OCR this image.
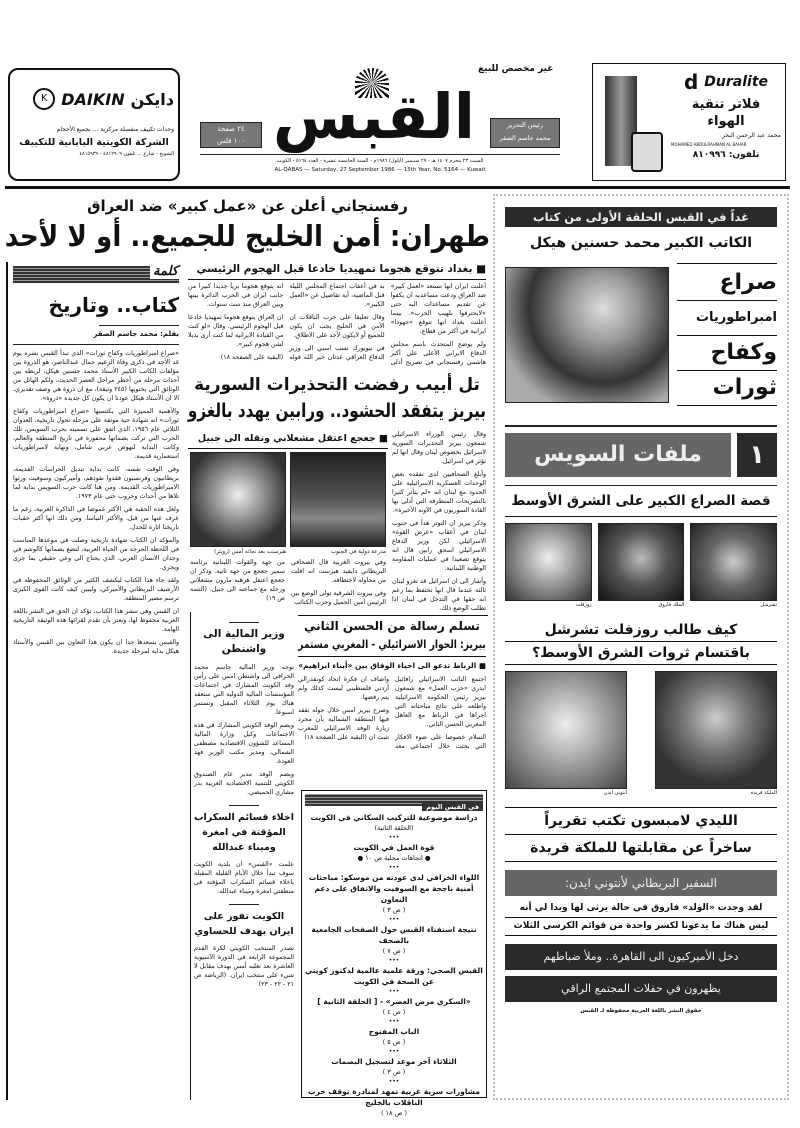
دايكن
DAIKIN
K
وحدات تكييف منفصلة مركزية ... بجميع الأحجام
الشركة الكويتية اليابانية للتكييف
الشويخ - شارع ... تلفون ٤٨١٢٩٠٩ - ٤٨١٥٩٣٩
٢٤ صفحة
١٠٠ فلس القبس
غير مخصص للبيع
رئيس التحرير
محمد جاسم الصقر
السبت ٢٣ محرم ١٤٠٧ هـ - ٢٧ سبتمبر (أيلول) ١٩٨٦م - السنة الخامسة عشرة - العدد ٥١٦٤ - الكويت
AL-QABAS — Saturday, 27 September 1986 — 15th Year, No. 5164 — Kuwait
d Duralite
فلاتر تنقية الهواء
محمد عبد الرحمن البحر
MOHAMED ABDULRAHMAN AL BAHAR
تلفون: ٨١٠٩٩٦
رفسنجاني أعلن عن «عمل كبير» ضد العراق
طهران: أمن الخليج للجميع.. أو لا لأحد
كلمة
كتاب.. وتاريخ
بقلم: محمد جاسم الصقر

«صراع امبراطوريات وكفاح ثورات» الذي تبدأ القبس نشره يوم غد الأحد في ذكرى وفاة الزعيم جمال عبدالناصر، هو الذروة بين مؤلفات الكاتب الكبير الأستاذ محمد حسنين هيكل، لربطه بين أحداث مرحلة من أخطر مراحل العصر الحديث، ولكم الهائل من الوثائق التي يحتويها (٢٤٥ وثيقة)، مع ان ذروة هي وصف تقديري، الا ان الأستاذ هيكل عودنا ان يكون كل جديده «ذروة».

والأهمية المميزة التي يكتسبها «صراع امبراطوريات وكفاح ثورات» انه شهادة حية موثقة على مرحلة تحول تاريخية، العدوان الثلاثي عام ١٩٥٦، الذي اتفق على تسميته بحرب السويس، تلك الحرب التي تركت بصماتها محفورة في تاريخ المنطقة والعالم، وكانت البداية لنهوض عربي شامل، ونهاية لامبراطوريات استعمارية قديمة.

وفي الوقت نفسه، كانت بداية تبديل الحراسات القديمة، بريطانيون وفرنسيون فقدوا نفوذهم، وأميركيون وسوفيت ورثوا الامبراطوريات القديمة. ومن هنا كانت حرب السويس بداية لما تلاها من أحداث وحروب حتى عام ١٩٧٣.

ولعل هذه الحقبة هي الأكثر غموضا في الذاكرة العربية، رغم ما عرف عنها من قبل، والأكثر التباسا. ومن ذلك انها أكثر حقبات تاريخنا اثارة للجدل.

والمؤكد ان الكتاب شهادة تاريخية وصلت في موعدها المناسب في اللحظة الحرجة من الحياة العربية، لتضع بصماتها كالوشم في وجدان الانسان العربي، الذي يحتاج الى وعي حقيقي بما جرى ويجري.

ولقد جاء هذا الكتاب ليكشف الكثير من الوثائق المحفوظة في الأرشيف البريطاني والأميركي، وليبين كيف كانت القوى الكبرى ترسم مصير المنطقة.

ان القبس وهي تنشر هذا الكتاب، تؤكد ان الحق في النشر باللغة العربية محفوظ لها، وتعتز بأن تقدم لقرائها هذه الوثيقة التاريخية الهامة.

والقبس يسعدها جدا ان يكون هذا التعاون بين القبس والأستاذ هيكل بداية لمرحلة جديدة.

■ بغداد تتوقع هجوما تمهيديا خادعا قبل الهجوم الرئيسي

أعلنت ايران انها تستعد «لعمل كبير» ضد العراق ودعت مساعديه ان يكفوا عن تقديم مساعدات اليه حتى «لايحترقوا بلهيب الحرب». بينما أعلنت بغداد انها تتوقع «جهودا» ايرانية في أكثر من قطاع.

ولم يوضح المتحدث باسم مجلس الدفاع الايراني الأعلى علي أكبر هاشمي رفسنجاني في تصريح أدلى به في أعقاب اجتماع المجلس الليلة قبل الماضية، أية تفاصيل عن «العمل الكبير».

وقال تعليقا على حرب الناقلات ان الأمن في الخليج يجب ان يكون للجميع أو لايكون لأحد على الاطلاق.

في نيويورك نسب اسبي الى وزير الدفاع العراقي عدنان خير الله قوله انه يتوقع هجوما برياً جديدا كبيرا من جانب ايران في الحرب الدائرة بينها وبين العراق منذ ست سنوات.

ان العراق يتوقع هجوما تمهيديا خادعا قبل الهجوم الرئيسي. وقال «لو كنت من القيادة الايرانية لما كنت أرى بديلا لشن هجوم كبير».

(البقية على الصفحة ١٨)

تل أبيب رفضت التحذيرات السورية
بيريز يتفقد الحشود.. ورابين يهدد بالغزو

وقال رئيس الوزراء الاسرائيلي شمعون بيريز التحذيرات السورية لاسرائيل بخصوص لبنان وقال انها لم تؤثر في اسرائيل.

وأبلغ الصحافيين لدى تفقده بعض الوحدات العسكرية الاسرائيلية على الحدود مع لبنان انه «لم يتأثر كثيرا بالتصريحات المتطرفة التي أدلى بها القادة السوريون في الآونة الأخيرة».

وذكر بيريز ان التوتر هدأ في جنوب لبنان في أعقاب «عرض القوة» الاسرائيلي لكن وزير الدفاع الاسرائيلي اسحق رابين قال انه يتوقع تصعيدا في عمليات المقاومة الوطنية اللبنانية.

وأشار الى ان اسرائيل قد تغزو لبنان ثالثة عندما قال انها تحتفظ بما زعم انه حقها في التدخل في لبنان اذا تطلب الوضع ذلك.

■ جعجع اعتقل مشعلاني ونقله الى جبيل
مدرعة دولية في الجنوب
هبرسنت بعد نجاته أمس (رويتر)

وفي بيروت الغربية قال الصحافي البريطاني دايفيد هيرست انه افلت من محاولة لاختطافه.

وفي بيروت الشرقية تولى الوضع بين الرئيس أمين الجميل وحزب الكتائب

من جهة والقوات اللبنانية برئاسة سمير جعجع من جهة ثانية. وذكر ان جعجع اعتقل هرهبه مارون مشعلاني ورحله مع جماعته الى جبيل. (التتمة ص ١٩)

تسلم رسالة من الحسن الثاني
بيريز: الحوار الاسرائيلي - المغربي مستمر
■ الرباط تدعو الى احياء الوفاق بين «أبناء ابراهيم»

اجتمع النائب الاسرائيلي رافائيل ايدري «حزب العمل» مع شمعون بيريز رئيس الحكومة الاسرائيلية واطلعه على نتائج مباحثاته التي اجراها في الرباط مع العاهل المغربي الحسن الثاني.

السلام خصوصا على ضوء الافكار التي بحثت خلال اجتماعي معه واضاف ان فكرة اتحاد كونفدرالي أردني فلسطيني ليست كذلك ولم يتم رفضها.

وصرح بيريز امس خلال جولة تفقد فيها المنطقة الشمالية بأن مجرد زيارة الوفد الاسرائيلي للمغرب تثبت ان (البقية على الصفحة ١٨)

وزير المالية الى واشنطن

توجه وزير المالية جاسم محمد الخرافي الى واشنطن امس على رأس وفد الكويت المشارك في اجتماعات المؤسسات المالية الدولية التي ستعقد هناك يوم الثلاثاء المقبل وتستمر اسبوعا.

ويضم الوفد الكويتي المشارك في هذه الاجتماعات وكيل وزارة المالية المساعد للشؤون الاقتصادية مصطفى الشمالي، ومدير مكتب الوزير فهد العودة.

ويضم الوفد مدير عام الصندوق الكويتي للتنمية الاقتصادية العربية بدر مشاري الحميضي.

اخلاء قسائم السكراب المؤقتة في امغرة وميناء عبدالله

علمت «القبس» ان بلدية الكويت سوف تبدأ خلال الأيام القليلة المقبلة باخلاء قسائم السكراب المؤقتة في منطقتي امغرة وميناء عبدالله.

الكويت تفوز على ايران بهدف للحساوي

تصدر المنتخب الكويتي لكرة القدم المجموعة الرابعة في الدورة الآسيوية العاشرة بعد تغلبه أمس بهدف مقابل لا شيء على منتخب ايران. (الرياضة ص ٢١ - ٢٢ - ٢٣)

في القبس اليوم
دراسة موضوعية للتركيب السكاني في الكويت
(الحلقة الثانية)
•••
قوة العمل في الكويت
● اتجاهات محلية ص ١٠ ●
•••
اللواء الخرافي لدى عودته من موسكو: مباحثات أمنية ناجحة مع السوفيت والاتفاق على دعم التعاون
( ص ٣ )
•••
نتيجة استفتاء القبس حول الصفحات الجامعية بالصحف
( ص ٧ )
•••
القبس الصحي: ورقة علمية عالمية لدكتور كويتي عن الصحة في الكويت
•••
«السكري مرض العصر» - [ الحلقة الثانية ]
( ص ٤ )
•••
الباب المفتوح
( ص ٥ )
•••
الثلاثاء آخر موعد لتسجيل البصمات
( ص ٣ )
•••
مشاورات سرية غربية تمهد لمبادرة توقف حرب الناقلات بالخليج
( ص ١٨ )
غداً في القبس الحلقة الأولى من كتاب
الكاتب الكبير محمد حسنين هيكل
صراع
امبراطوريات
وكفاح
ثورات
١
ملفات السويس
قصة الصراع الكبير على الشرق الأوسط
تشرشل
الملك فاروق
روزفلت
كيف طالب روزفلت تشرشل
باقتسام ثروات الشرق الأوسط؟
الملكة فريدة
انتوني ايدن
الليدي لامبسون تكتب تقريراً
ساخراً عن مقابلتها للملكة فريدة
السفير البريطاني لأنتوني ايدن:
لقد وجدت «الولد» فاروق في حالة يرثى لها وبدا لي أنه
ليس هناك ما يدعونا لكسر واحدة من قوائم الكرسي الثلاث
دخل الأميركيون الى القاهرة.. وملأ ضباطهم
يظهرون في حفلات المجتمع الراقي
حقوق النشر باللغة العربية محفوظة لـ القبس
